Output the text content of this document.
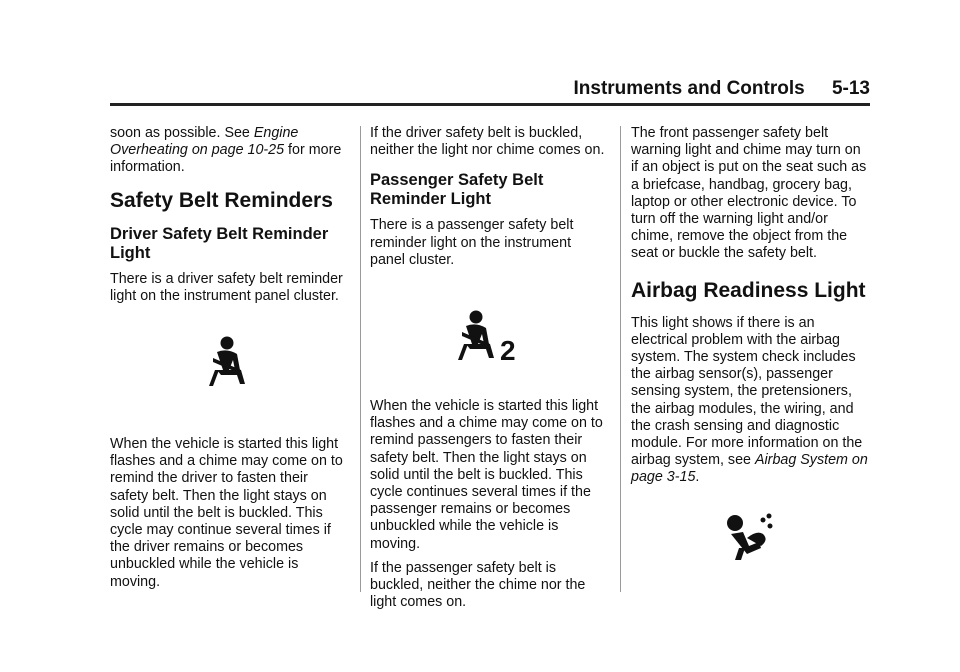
Instruments and Controls 5-13

soon as possible. See Engine Overheating on page 10-25 for more information.

Safety Belt Reminders
Driver Safety Belt Reminder Light

There is a driver safety belt reminder light on the instrument panel cluster.

When the vehicle is started this light flashes and a chime may come on to remind the driver to fasten their safety belt. Then the light stays on solid until the belt is buckled. This cycle may continue several times if the driver remains or becomes unbuckled while the vehicle is moving.

If the driver safety belt is buckled, neither the light nor chime comes on.

Passenger Safety Belt Reminder Light

There is a passenger safety belt reminder light on the instrument panel cluster.

2

When the vehicle is started this light flashes and a chime may come on to remind passengers to fasten their safety belt. Then the light stays on solid until the belt is buckled. This cycle continues several times if the passenger remains or becomes unbuckled while the vehicle is moving.

If the passenger safety belt is buckled, neither the chime nor the light comes on.

The front passenger safety belt warning light and chime may turn on if an object is put on the seat such as a briefcase, handbag, grocery bag, laptop or other electronic device. To turn off the warning light and/or chime, remove the object from the seat or buckle the safety belt.

Airbag Readiness Light

This light shows if there is an electrical problem with the airbag system. The system check includes the airbag sensor(s), passenger sensing system, the pretensioners, the airbag modules, the wiring, and the crash sensing and diagnostic module. For more information on the airbag system, see Airbag System on page 3-15.
